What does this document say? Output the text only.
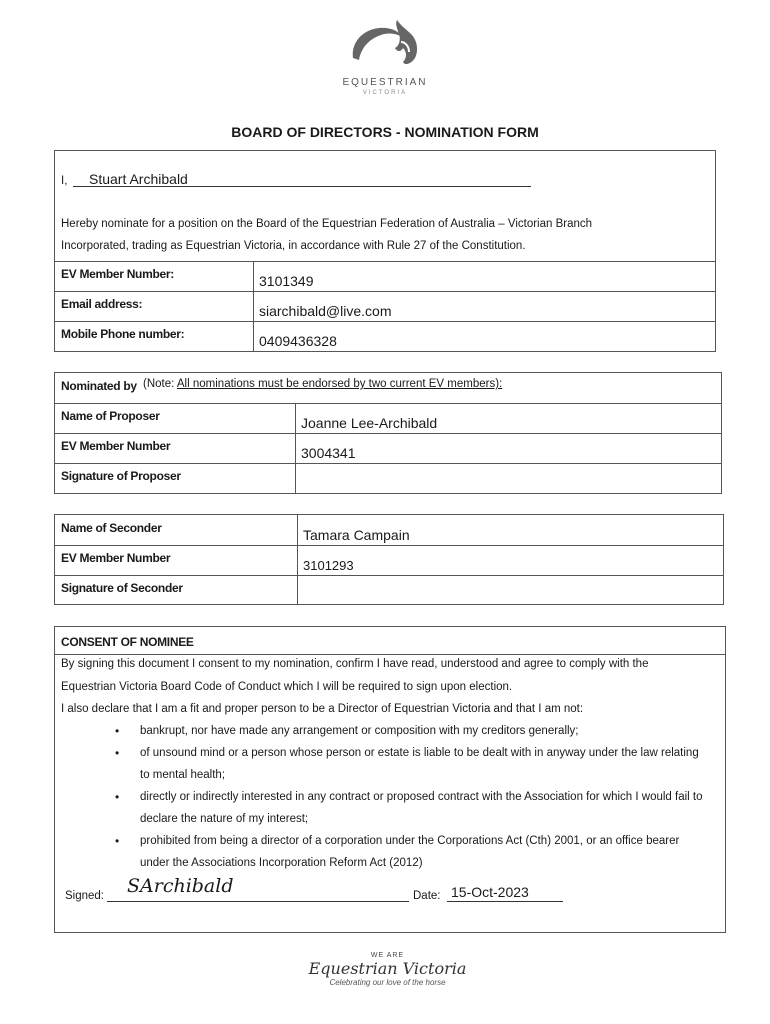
EQUESTRIAN
VICTORIA
BOARD OF DIRECTORS - NOMINATION FORM
I, Stuart Archibald
Hereby nominate for a position on the Board of the Equestrian Federation of Australia – Victorian Branch
Incorporated, trading as Equestrian Victoria, in accordance with Rule 27 of the Constitution.
EV Member Number:	3101349
Email address:	siarchibald@live.com
Mobile Phone number:	0409436328
Nominated by (Note: All nominations must be endorsed by two current EV members):
Name of Proposer	Joanne Lee-Archibald
EV Member Number	3004341
Signature of Proposer
Name of Seconder	Tamara Campain
EV Member Number	3101293
Signature of Seconder
CONSENT OF NOMINEE
By signing this document I consent to my nomination, confirm I have read, understood and agree to comply with the
Equestrian Victoria Board Code of Conduct which I will be required to sign upon election.
I also declare that I am a fit and proper person to be a Director of Equestrian Victoria and that I am not:
• bankrupt, nor have made any arrangement or composition with my creditors generally;
• of unsound mind or a person whose person or estate is liable to be dealt with in anyway under the law relating to mental health;
• directly or indirectly interested in any contract or proposed contract with the Association for which I would fail to declare the nature of my interest;
• prohibited from being a director of a corporation under the Corporations Act (Cth) 2001, or an office bearer under the Associations Incorporation Reform Act (2012)
Signed: SArchibald	Date: 15-Oct-2023
WE ARE
Equestrian Victoria
Celebrating our love of the horse
